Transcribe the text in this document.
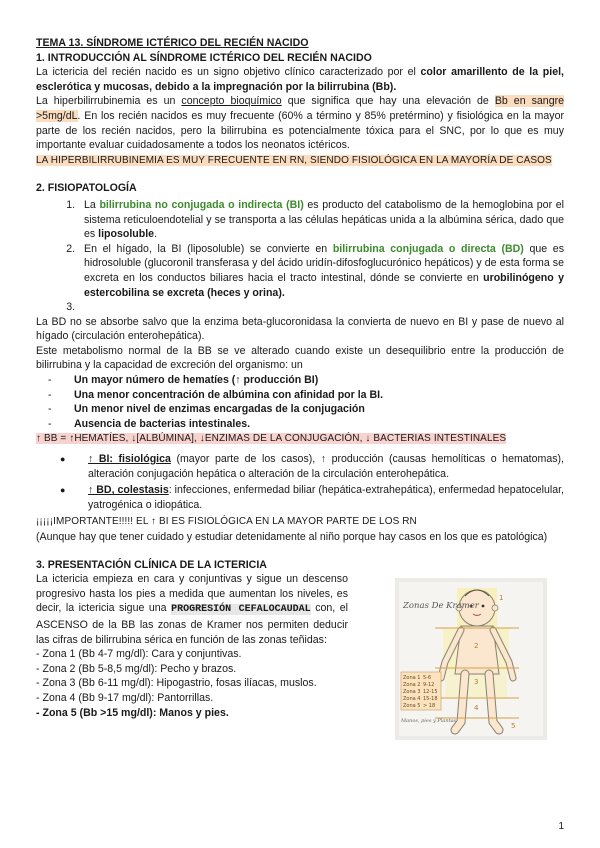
TEMA 13. SÍNDROME ICTÉRICO DEL RECIÉN NACIDO

1. INTRODUCCIÓN AL SÍNDROME ICTÉRICO DEL RECIÉN NACIDO

La ictericia del recién nacido es un signo objetivo clínico caracterizado por el color amarillento de la piel, esclerótica y mucosas, debido a la impregnación por la bilirrubina (Bb).

La hiperbilirrubinemia es un concepto bioquímico que significa que hay una elevación de Bb en sangre >5mg/dL. En los recién nacidos es muy frecuente (60% a término y 85% pretérmino) y fisiológica en la mayor parte de los recién nacidos, pero la bilirrubina es potencialmente tóxica para el SNC, por lo que es muy importante evaluar cuidadosamente a todos los neonatos ictéricos.

LA HIPERBILIRRUBINEMIA ES MUY FRECUENTE EN RN, SIENDO FISIOLÓGICA EN LA MAYORÍA DE CASOS

2. FISIOPATOLOGÍA

1. La bilirrubina no conjugada o indirecta (BI) es producto del catabolismo de la hemoglobina por el sistema reticuloendotelial y se transporta a las células hepáticas unida a la albúmina sérica, dado que es liposoluble.
2. En el hígado, la BI (liposoluble) se convierte en bilirrubina conjugada o directa (BD) que es hidrosoluble (glucoronil transferasa y del ácido uridín-difosfoglucurónico hepáticos) y de esta forma se excreta en los conductos biliares hacia el tracto intestinal, dónde se convierte en urobilinógeno y estercobilina se excreta (heces y orina).
3.

La BD no se absorbe salvo que la enzima beta-glucoronidasa la convierta de nuevo en BI y pase de nuevo al hígado (circulación enterohepática).

Este metabolismo normal de la BB se ve alterado cuando existe un desequilibrio entre la producción de bilirrubina y la capacidad de excreción del organismo: un

- Un mayor número de hematíes (↑ producción BI)
- Una menor concentración de albúmina con afinidad por la BI.
- Un menor nivel de enzimas encargadas de la conjugación
- Ausencia de bacterias intestinales.

↑ BB = ↑HEMATÍES, ↓[ALBÚMINA], ↓ENZIMAS DE LA CONJUGACIÓN, ↓ BACTERIAS INTESTINALES

● ↑ BI: fisiológica (mayor parte de los casos), ↑ producción (causas hemolíticas o hematomas), alteración conjugación hepática o alteración de la circulación enterohepática.
● ↑ BD, colestasis: infecciones, enfermedad biliar (hepática-extrahepática), enfermedad hepatocelular, yatrogénica o idiopática.

¡¡¡¡¡IMPORTANTE!!!!! EL ↑ BI ES FISIOLÓGICA EN LA MAYOR PARTE DE LOS RN

(Aunque hay que tener cuidado y estudiar detenidamente al niño porque hay casos en los que es patológica)

3. PRESENTACIÓN CLÍNICA DE LA ICTERICIA

La ictericia empieza en cara y conjuntivas y sigue un descenso progresivo hasta los pies a medida que aumentan los niveles, es decir, la ictericia sigue una PROGRESIÓN CEFALOCAUDAL con, el ASCENSO de la BB las zonas de Kramer nos permiten deducir las cifras de bilirrubina sérica en función de las zonas teñidas:

- Zona 1 (Bb 4-7 mg/dl): Cara y conjuntivas.

- Zona 2 (Bb 5-8,5 mg/dl): Pecho y brazos.

- Zona 3 (Bb 6-11 mg/dl): Hipogastrio, fosas ilíacas, muslos.

- Zona 4 (Bb 9-17 mg/dl): Pantorrillas.

- Zona 5 (Bb >15 mg/dl): Manos y pies.

1
2
3
4
5
Zonas De Kramer
Zona 1
Zona 2
Zona 3
Zona 4
Zona 5
5-6
9-12
12-15
15-18
> 18
Manos, pies y Plantas
1
